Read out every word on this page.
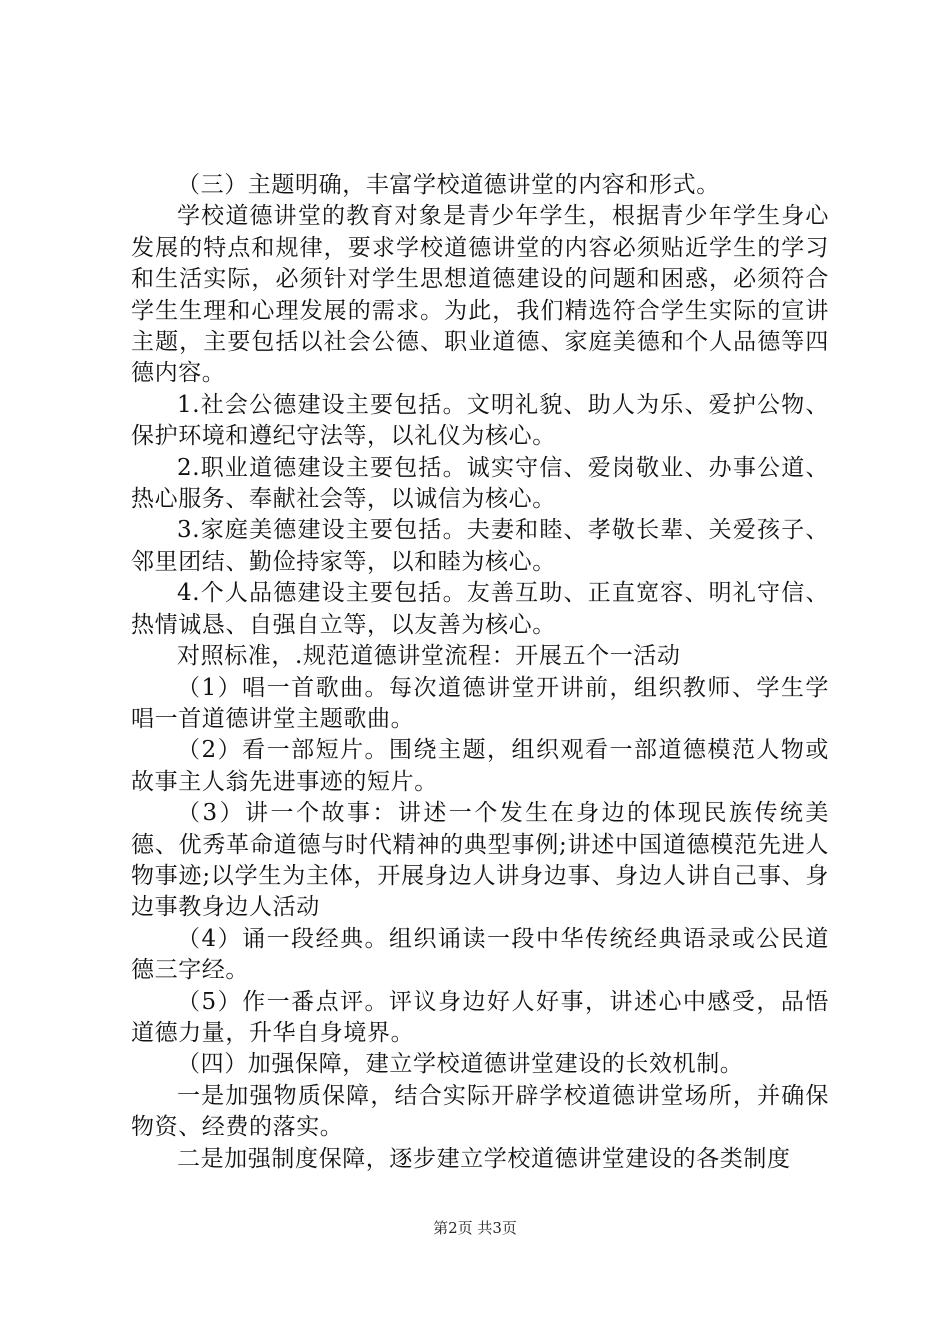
（三）主题明确，丰富学校道德讲堂的内容和形式。

学校道德讲堂的教育对象是青少年学生，根据青少年学生身心发展的特点和规律，要求学校道德讲堂的内容必须贴近学生的学习和生活实际，必须针对学生思想道德建设的问题和困惑，必须符合学生生理和心理发展的需求。为此，我们精选符合学生实际的宣讲主题，主要包括以社会公德、职业道德、家庭美德和个人品德等四德内容。

1.社会公德建设主要包括。文明礼貌、助人为乐、爱护公物、保护环境和遵纪守法等，以礼仪为核心。

2.职业道德建设主要包括。诚实守信、爱岗敬业、办事公道、热心服务、奉献社会等，以诚信为核心。

3.家庭美德建设主要包括。夫妻和睦、孝敬长辈、关爱孩子、邻里团结、勤俭持家等，以和睦为核心。

4.个人品德建设主要包括。友善互助、正直宽容、明礼守信、热情诚恳、自强自立等，以友善为核心。

对照标准，.规范道德讲堂流程：开展五个一活动

（1）唱一首歌曲。每次道德讲堂开讲前，组织教师、学生学唱一首道德讲堂主题歌曲。

（2）看一部短片。围绕主题，组织观看一部道德模范人物或故事主人翁先进事迹的短片。

（3）讲一个故事：讲述一个发生在身边的体现民族传统美德、优秀革命道德与时代精神的典型事例;讲述中国道德模范先进人物事迹;以学生为主体，开展身边人讲身边事、身边人讲自己事、身边事教身边人活动

（4）诵一段经典。组织诵读一段中华传统经典语录或公民道德三字经。

（5）作一番点评。评议身边好人好事，讲述心中感受，品悟道德力量，升华自身境界。

（四）加强保障，建立学校道德讲堂建设的长效机制。

一是加强物质保障，结合实际开辟学校道德讲堂场所，并确保物资、经费的落实。

二是加强制度保障，逐步建立学校道德讲堂建设的各类制度

第2页 共3页
